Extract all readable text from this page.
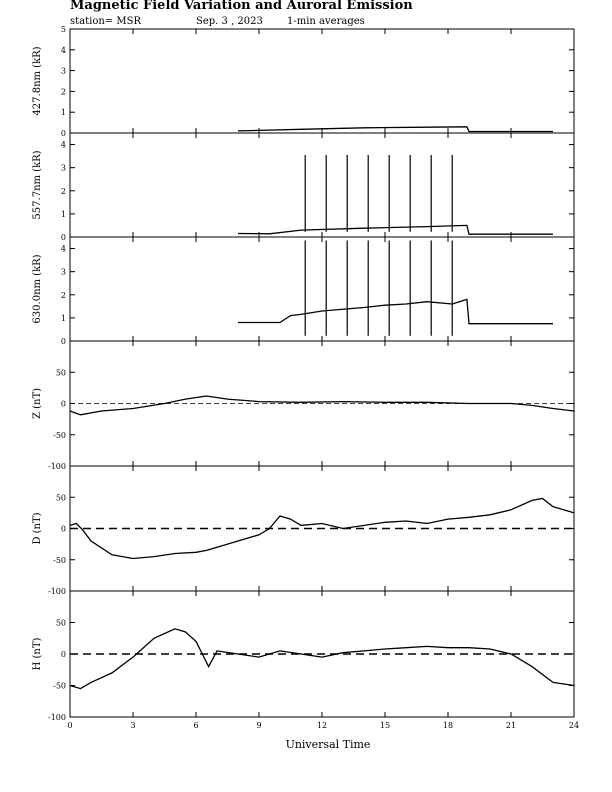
Magnetic Field Variation and Auroral Emission
station= MSR	Sep. 3 , 2023 1-min averages
0
1
2
3
4
5
427.8nm (kR)
0
1
2
3
4
557.7nm (kR)
0
1
2
3
4
630.0nm (kR)
-100
-50
0
50
Z (nT)
-100
-50
0
50
D (nT)
-100
-50
0
50
H (nT)
0	3	6	9	12	15	18	21	24
Universal Time
